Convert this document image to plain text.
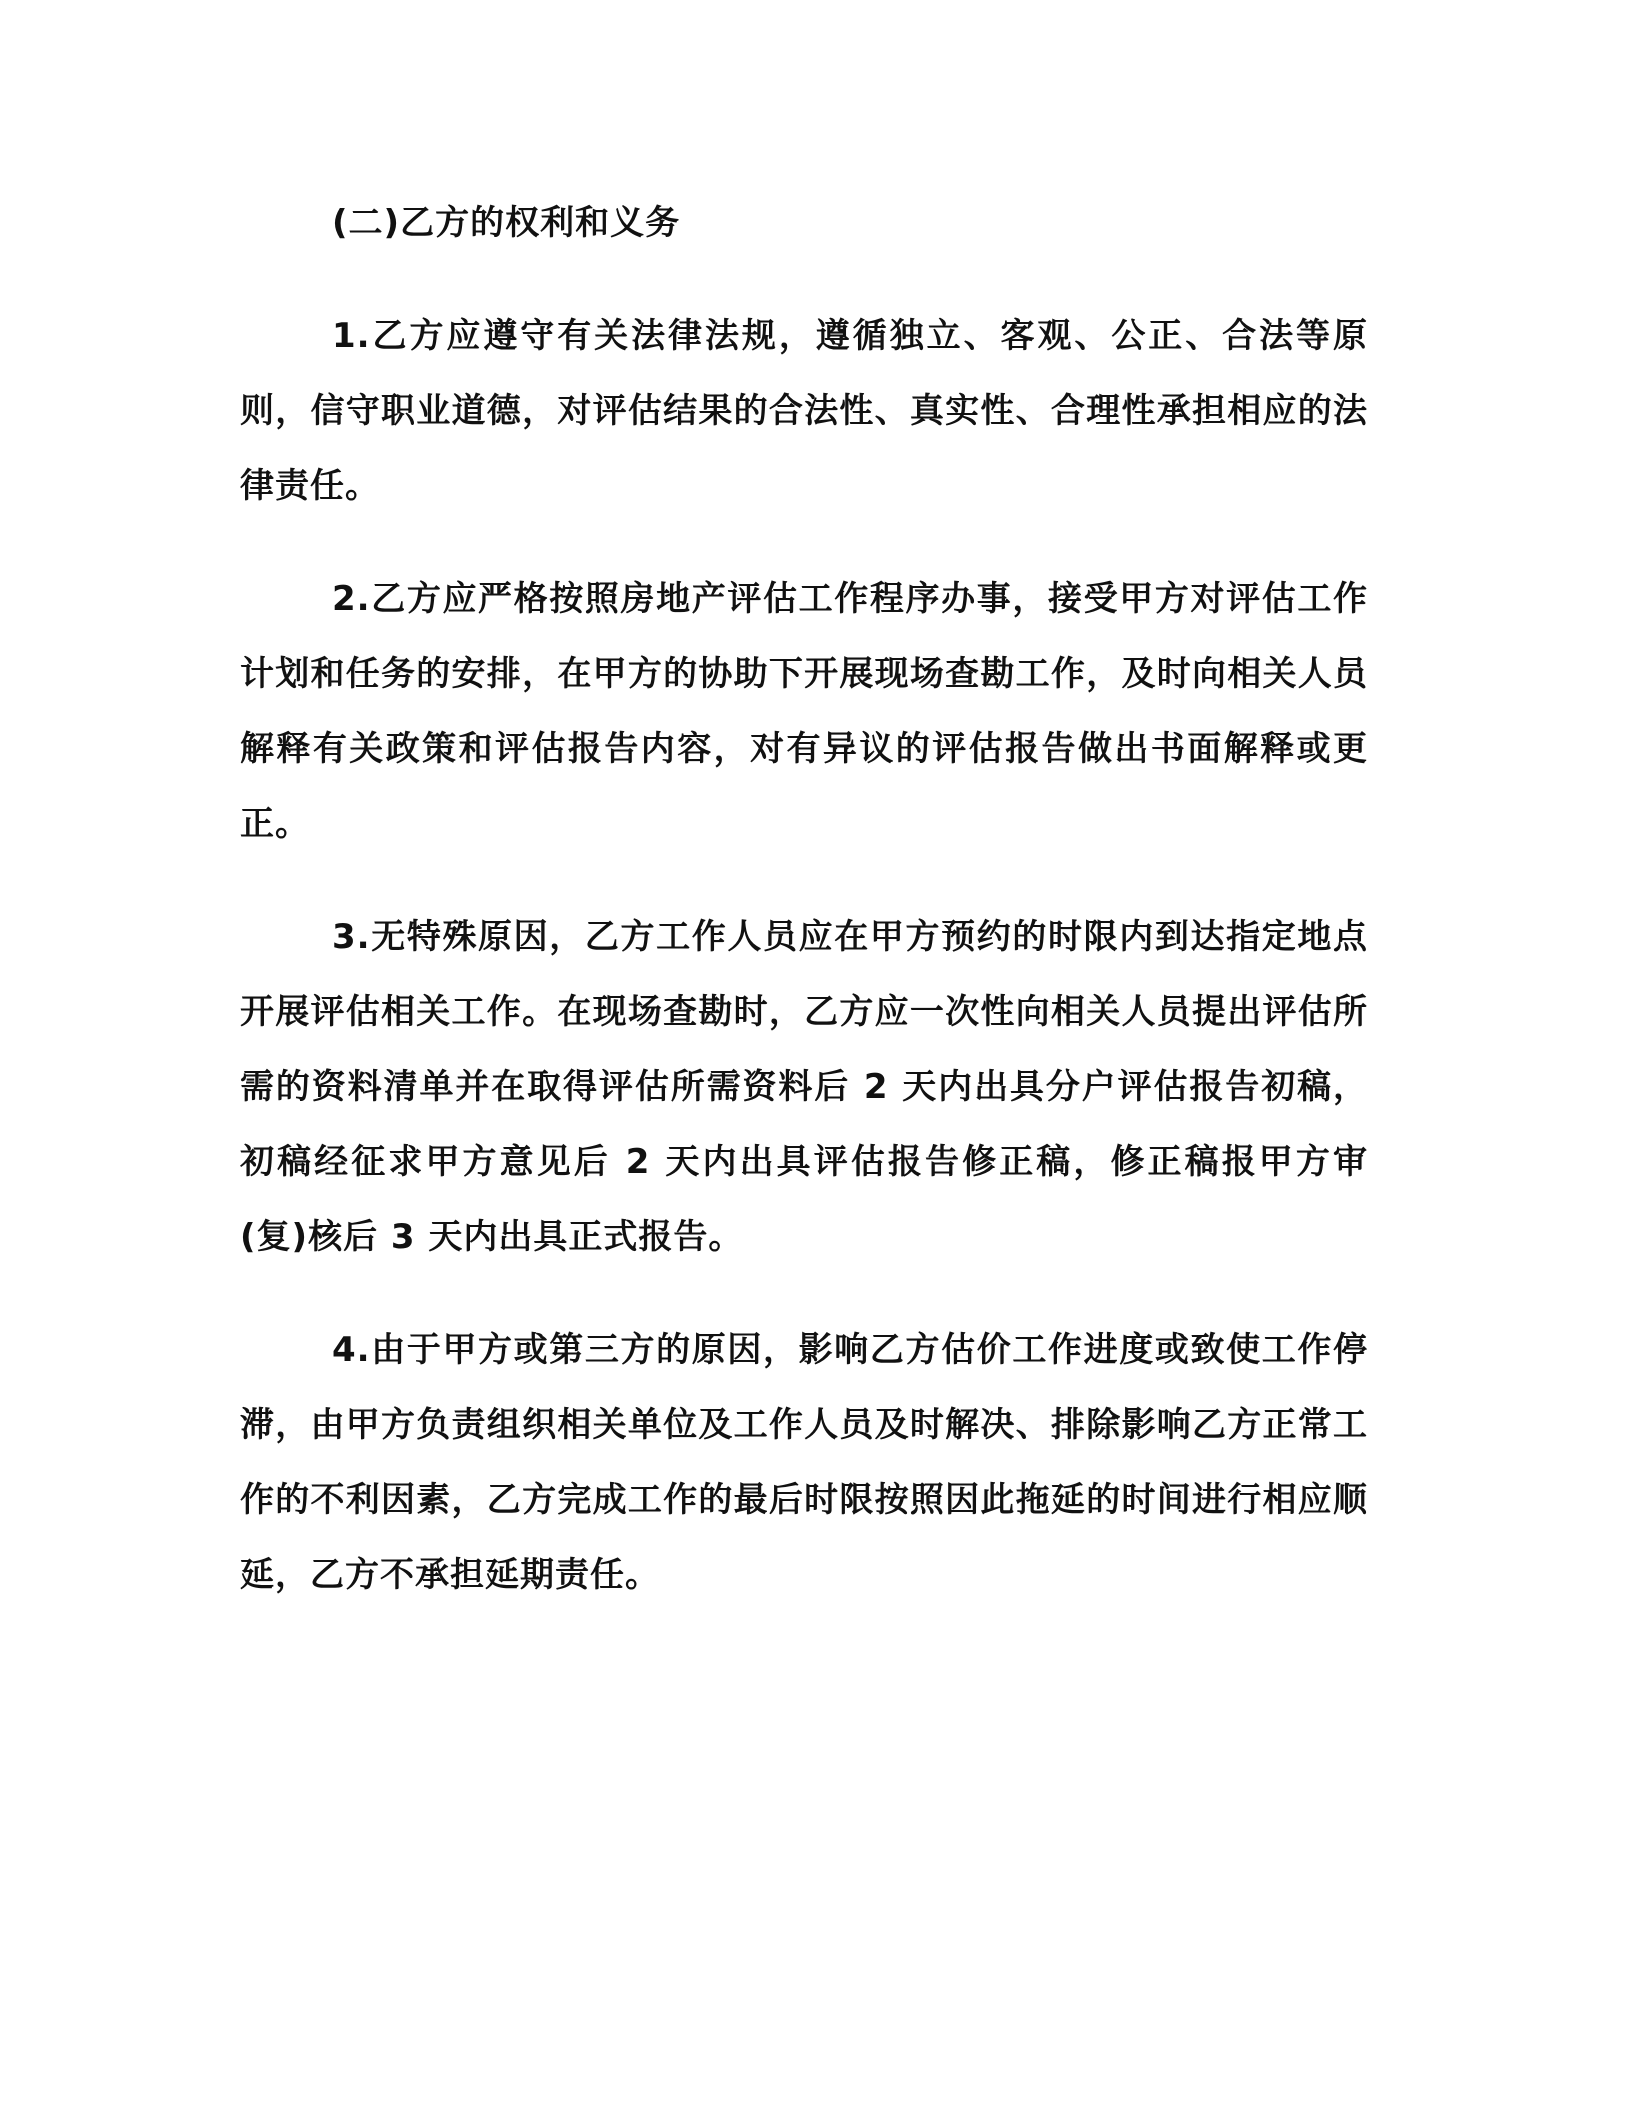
(二)乙方的权利和义务

1.乙方应遵守有关法律法规，遵循独立、客观、公正、合法等原则，信守职业道德，对评估结果的合法性、真实性、合理性承担相应的法律责任。

2.乙方应严格按照房地产评估工作程序办事，接受甲方对评估工作计划和任务的安排，在甲方的协助下开展现场查勘工作，及时向相关人员解释有关政策和评估报告内容，对有异议的评估报告做出书面解释或更正。

3.无特殊原因，乙方工作人员应在甲方预约的时限内到达指定地点开展评估相关工作。在现场查勘时，乙方应一次性向相关人员提出评估所需的资料清单并在取得评估所需资料后 2 天内出具分户评估报告初稿，初稿经征求甲方意见后 2 天内出具评估报告修正稿，修正稿报甲方审(复)核后 3 天内出具正式报告。

4.由于甲方或第三方的原因，影响乙方估价工作进度或致使工作停滞，由甲方负责组织相关单位及工作人员及时解决、排除影响乙方正常工作的不利因素，乙方完成工作的最后时限按照因此拖延的时间进行相应顺延，乙方不承担延期责任。
